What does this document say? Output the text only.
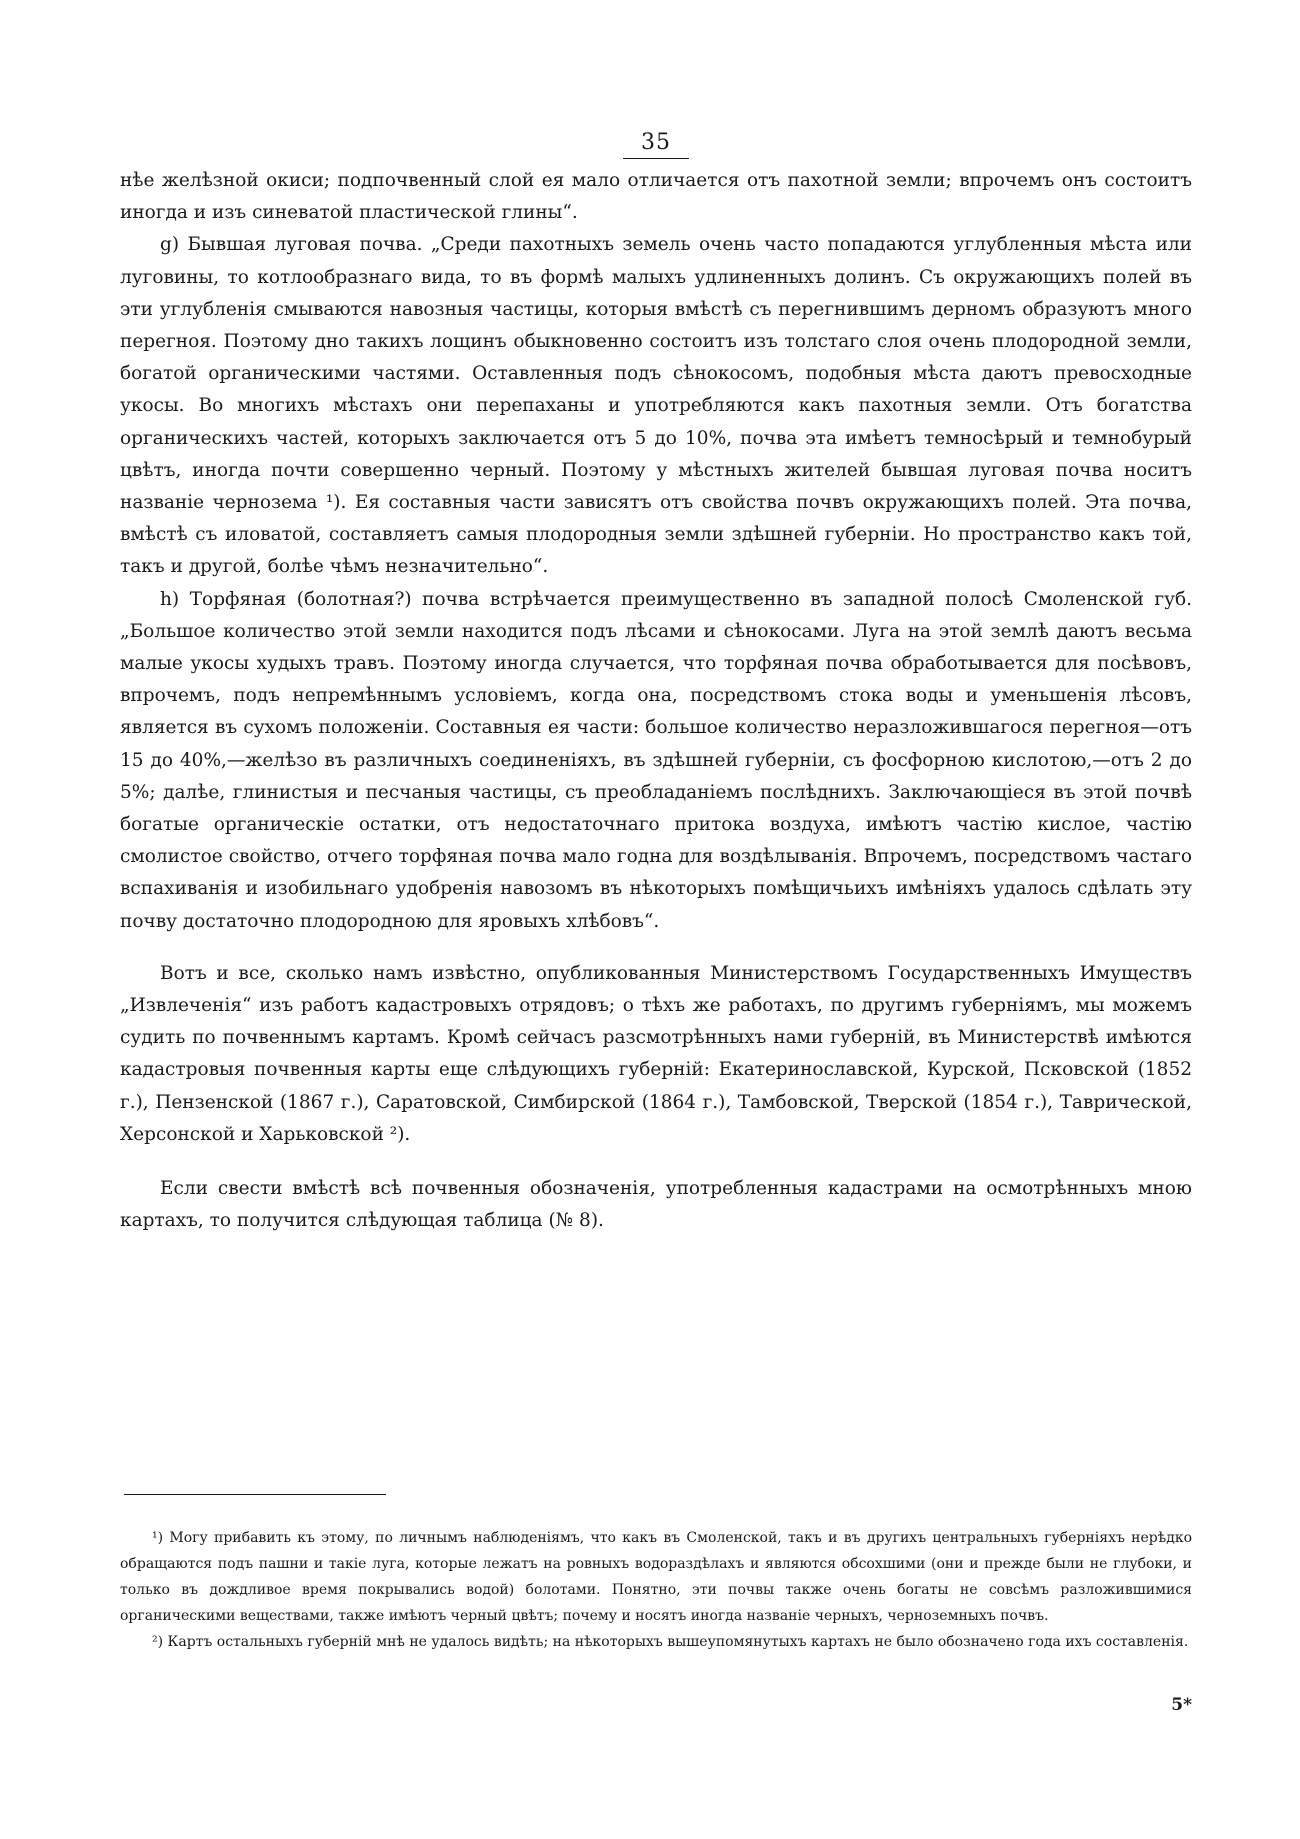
35

нѣе желѣзной окиси; подпочвенный слой ея мало отличается отъ пахотной земли; впрочемъ онъ состоитъ иногда и изъ синеватой пластической глины“.

g) Бывшая луговая почва. „Среди пахотныхъ земель очень часто попадаются углубленныя мѣста или луговины, то котлообразнаго вида, то въ формѣ малыхъ удлиненныхъ долинъ. Съ окружающихъ полей въ эти углубленія смываются навозныя частицы, которыя вмѣстѣ съ перегнившимъ дерномъ образуютъ много перегноя. Поэтому дно такихъ лощинъ обыкновенно состоитъ изъ толстаго слоя очень плодородной земли, богатой органическими частями. Оставленныя подъ сѣнокосомъ, подобныя мѣста даютъ превосходные укосы. Во многихъ мѣстахъ они перепаханы и употребляются какъ пахотныя земли. Отъ богатства органическихъ частей, которыхъ заключается отъ 5 до 10%, почва эта имѣетъ темносѣрый и темнобурый цвѣтъ, иногда почти совершенно черный. Поэтому у мѣстныхъ жителей бывшая луговая почва носитъ названіе чернозема ¹). Ея составныя части зависятъ отъ свойства почвъ окружающихъ полей. Эта почва, вмѣстѣ съ иловатой, составляетъ самыя плодородныя земли здѣшней губерніи. Но пространство какъ той, такъ и другой, болѣе чѣмъ незначительно“.

h) Торфяная (болотная?) почва встрѣчается преимущественно въ западной полосѣ Смоленской губ. „Большое количество этой земли находится подъ лѣсами и сѣнокосами. Луга на этой землѣ даютъ весьма малые укосы худыхъ травъ. Поэтому иногда случается, что торфяная почва обработывается для посѣвовъ, впрочемъ, подъ непремѣннымъ условіемъ, когда она, посредствомъ стока воды и уменьшенія лѣсовъ, является въ сухомъ положеніи. Составныя ея части: большое количество неразложившагося перегноя—отъ 15 до 40%,—желѣзо въ различныхъ соединеніяхъ, въ здѣшней губерніи, съ фосфорною кислотою,—отъ 2 до 5%; далѣе, глинистыя и песчаныя частицы, съ преобладаніемъ послѣднихъ. Заключающіеся въ этой почвѣ богатые органическіе остатки, отъ недостаточнаго притока воздуха, имѣютъ частію кислое, частію смолистое свойство, отчего торфяная почва мало годна для воздѣлыванія. Впрочемъ, посредствомъ частаго вспахиванія и изобильнаго удобренія навозомъ въ нѣкоторыхъ помѣщичьихъ имѣніяхъ удалось сдѣлать эту почву достаточно плодородною для яровыхъ хлѣбовъ“.

Вотъ и все, сколько намъ извѣстно, опубликованныя Министерствомъ Государственныхъ Имуществъ „Извлеченія“ изъ работъ кадастровыхъ отрядовъ; о тѣхъ же работахъ, по другимъ губерніямъ, мы можемъ судить по почвеннымъ картамъ. Кромѣ сейчасъ разсмотрѣнныхъ нами губерній, въ Министерствѣ имѣются кадастровыя почвенныя карты еще слѣдующихъ губерній: Екатеринославской, Курской, Псковской (1852 г.), Пензенской (1867 г.), Саратовской, Симбирской (1864 г.), Тамбовской, Тверской (1854 г.), Таврической, Херсонской и Харьковской ²).

Если свести вмѣстѣ всѣ почвенныя обозначенія, употребленныя кадастрами на осмотрѣнныхъ мною картахъ, то получится слѣдующая таблица (№ 8).

¹) Могу прибавить къ этому, по личнымъ наблюденіямъ, что какъ въ Смоленской, такъ и въ другихъ центральныхъ губерніяхъ нерѣдко обращаются подъ пашни и такіе луга, которые лежатъ на ровныхъ водораздѣлахъ и являются обсохшими (они и прежде были не глубоки, и только въ дождливое время покрывались водой) болотами. Понятно, эти почвы также очень богаты не совсѣмъ разложившимися органическими веществами, также имѣютъ черный цвѣтъ; почему и носятъ иногда названіе черныхъ, черноземныхъ почвъ.

²) Картъ остальныхъ губерній мнѣ не удалось видѣть; на нѣкоторыхъ вышеупомянутыхъ картахъ не было обозначено года ихъ составленія.

5*
